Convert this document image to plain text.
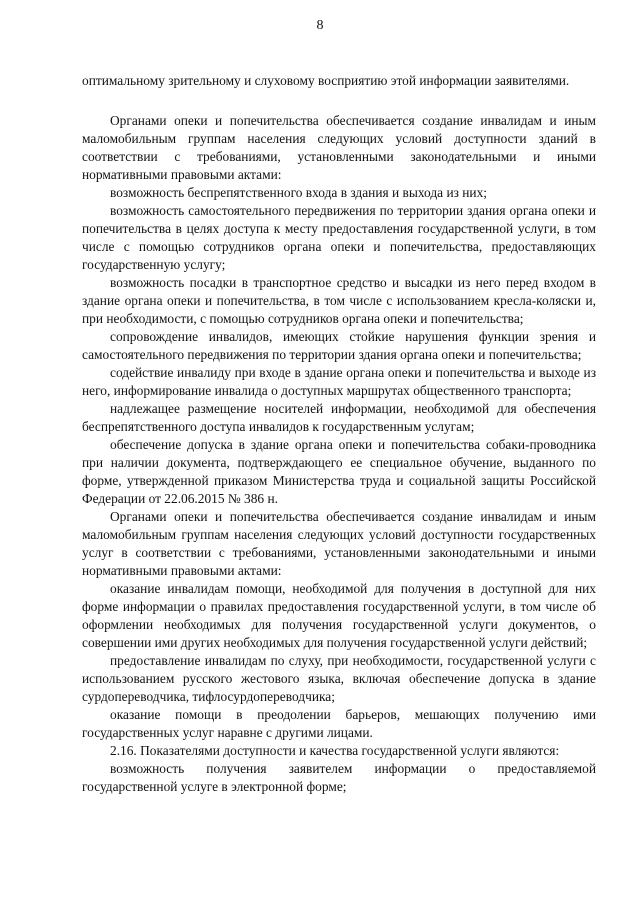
8

оптимальному зрительному и слуховому восприятию этой информации заявителями.

Органами опеки и попечительства обеспечивается создание инвалидам и иным маломобильным группам населения следующих условий доступности зданий в соответствии с требованиями, установленными законодательными и иными нормативными правовыми актами:

возможность беспрепятственного входа в здания и выхода из них;

возможность самостоятельного передвижения по территории здания органа опеки и попечительства в целях доступа к месту предоставления государственной услуги, в том числе с помощью сотрудников органа опеки и попечительства, предоставляющих государственную услугу;

возможность посадки в транспортное средство и высадки из него перед входом в здание органа опеки и попечительства, в том числе с использованием кресла-коляски и, при необходимости, с помощью сотрудников органа опеки и попечительства;

сопровождение инвалидов, имеющих стойкие нарушения функции зрения и самостоятельного передвижения по территории здания органа опеки и попечительства;

содействие инвалиду при входе в здание органа опеки и попечительства и выходе из него, информирование инвалида о доступных маршрутах общественного транспорта;

надлежащее размещение носителей информации, необходимой для обеспечения беспрепятственного доступа инвалидов к государственным услугам;

обеспечение допуска в здание органа опеки и попечительства собаки-проводника при наличии документа, подтверждающего ее специальное обучение, выданного по форме, утвержденной приказом Министерства труда и социальной защиты Российской Федерации от 22.06.2015 № 386 н.

Органами опеки и попечительства обеспечивается создание инвалидам и иным маломобильным группам населения следующих условий доступности государственных услуг в соответствии с требованиями, установленными законодательными и иными нормативными правовыми актами:

оказание инвалидам помощи, необходимой для получения в доступной для них форме информации о правилах предоставления государственной услуги, в том числе об оформлении необходимых для получения государственной услуги документов, о совершении ими других необходимых для получения государственной услуги действий;

предоставление инвалидам по слуху, при необходимости, государственной услуги с использованием русского жестового языка, включая обеспечение допуска в здание сурдопереводчика, тифлосурдопереводчика;

оказание помощи в преодолении барьеров, мешающих получению ими государственных услуг наравне с другими лицами.

2.16. Показателями доступности и качества государственной услуги являются:

возможность получения заявителем информации о предоставляемой государственной услуге в электронной форме;
